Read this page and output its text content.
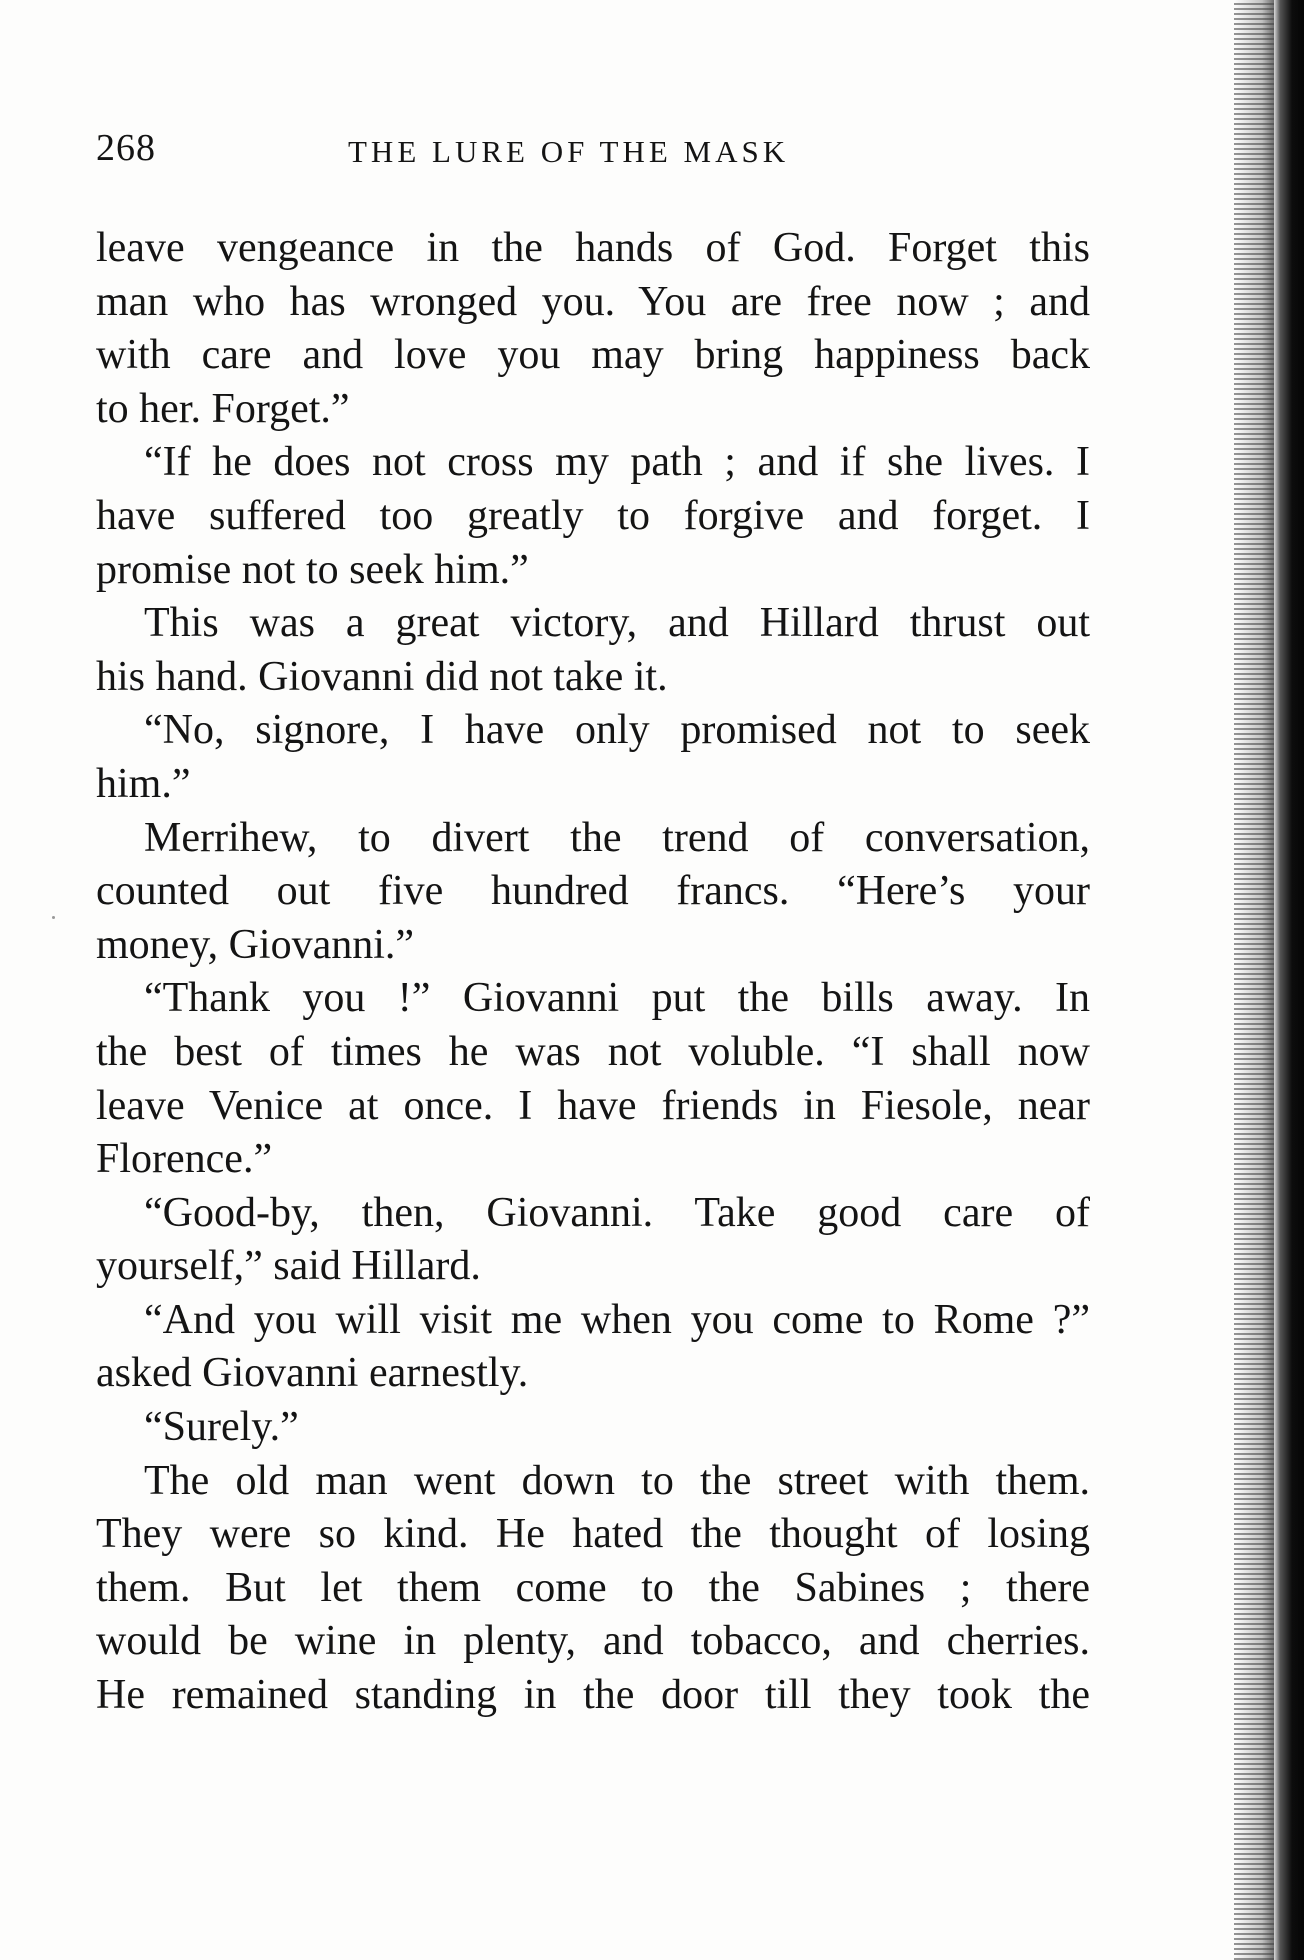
268	THE LURE OF THE MASK
leave vengeance in the hands of God. Forget this
man who has wronged you. You are free now ; and
with care and love you may bring happiness back
to her. Forget.”
“If he does not cross my path ; and if she lives. I
have suffered too greatly to forgive and forget. I
promise not to seek him.”
This was a great victory, and Hillard thrust out
his hand. Giovanni did not take it.
“No, signore, I have only promised not to seek
him.”
Merrihew, to divert the trend of conversation,
counted out five hundred francs. “Here’s your
money, Giovanni.”
“Thank you !” Giovanni put the bills away. In
the best of times he was not voluble. “I shall now
leave Venice at once. I have friends in Fiesole, near
Florence.”
“Good-by, then, Giovanni. Take good care of
yourself,” said Hillard.
“And you will visit me when you come to Rome ?”
asked Giovanni earnestly.
“Surely.”
The old man went down to the street with them.
They were so kind. He hated the thought of losing
them. But let them come to the Sabines ; there
would be wine in plenty, and tobacco, and cherries.
He remained standing in the door till they took the
